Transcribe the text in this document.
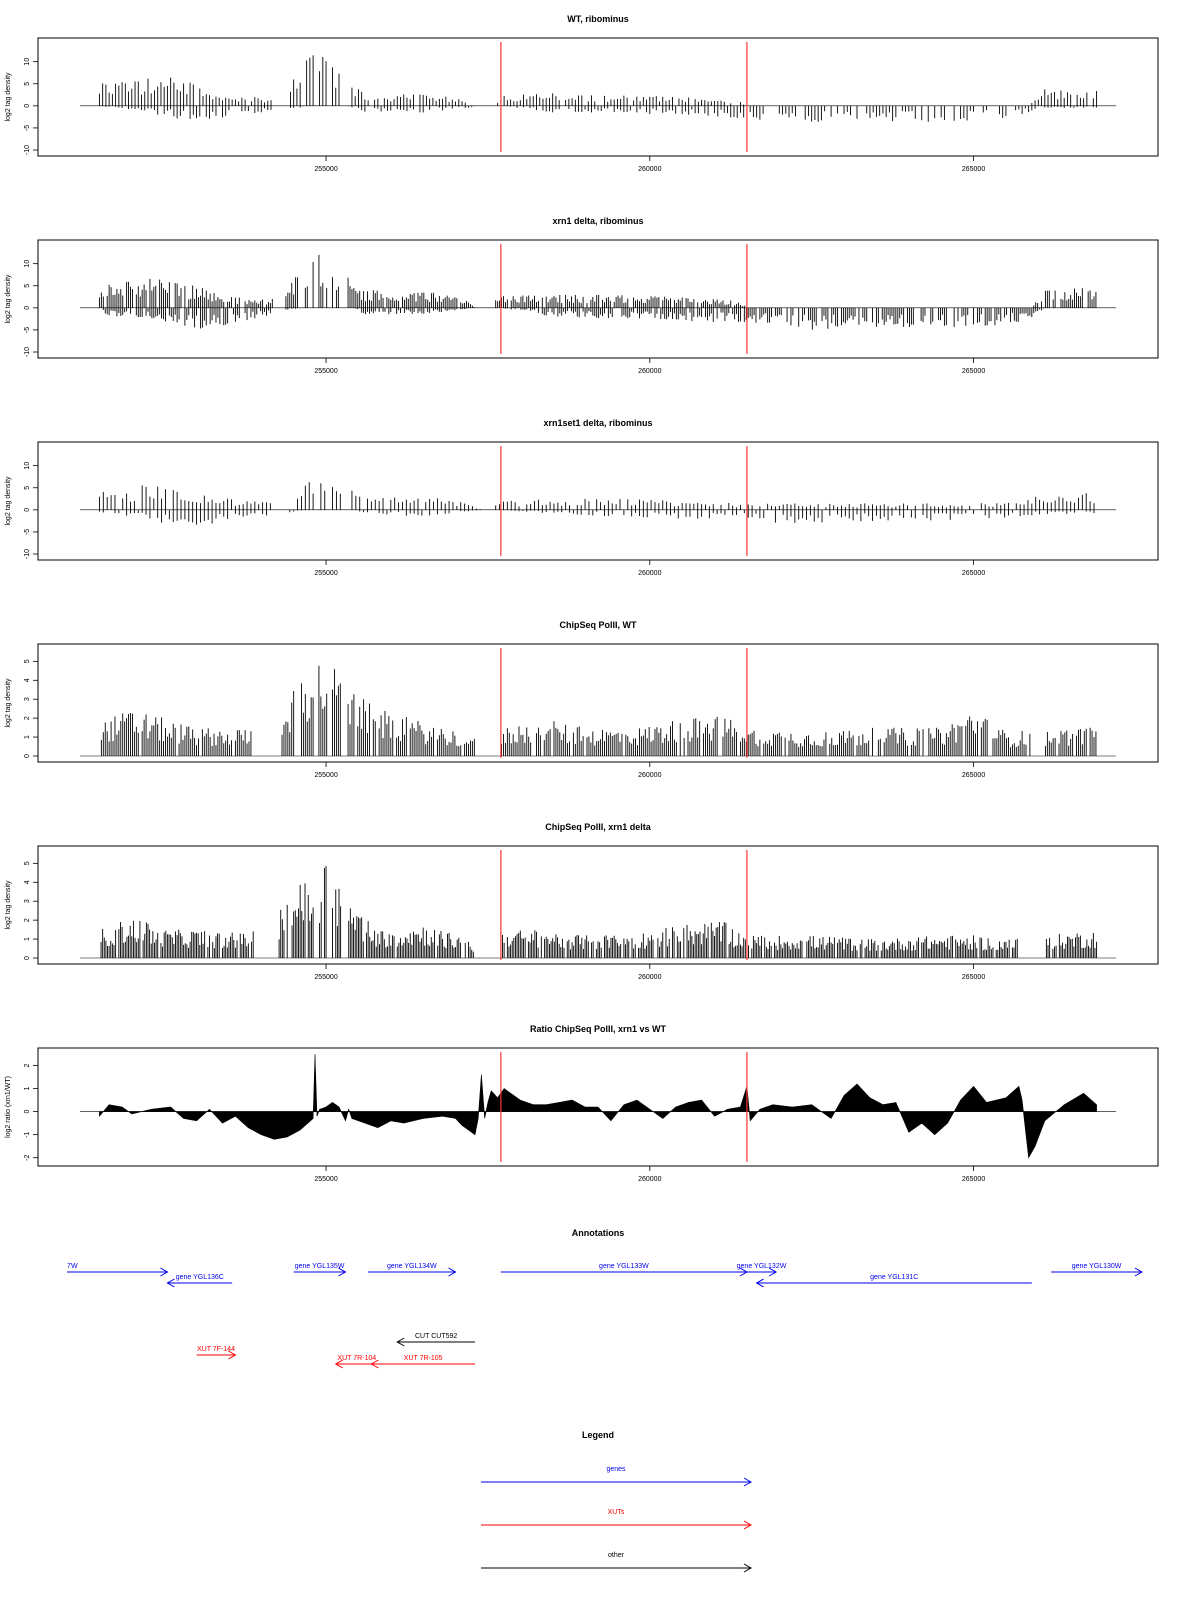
WT, ribominus
-10
-5
0
5
10
log2 tag density
255000	260000	265000
xrn1 delta, ribominus
-10
-5
0
5
10
log2 tag density
255000	260000	265000
xrn1set1 delta, ribominus
-10
-5
0
5
10
log2 tag density
255000	260000	265000
ChipSeq PolII, WT
0
1
2
3
4
5
log2 tag density
255000	260000	265000
ChipSeq PolII, xrn1 delta
0
1
2
3
4
5
log2 tag density
255000	260000	265000
Ratio ChipSeq PolII, xrn1 vs WT
-2
-1
0
1
2
log2 ratio (xrn1/WT)
255000	260000	265000
Annotations
7W
gene YGL136C
gene YGL135W	gene YGL134W	gene YGL133W	gene YGL132W
gene YGL131C
gene YGL130W
CUT CUT592
XUT 7F-144
XUT 7R-104	XUT 7R-105
Legend
genes
XUTs
other
